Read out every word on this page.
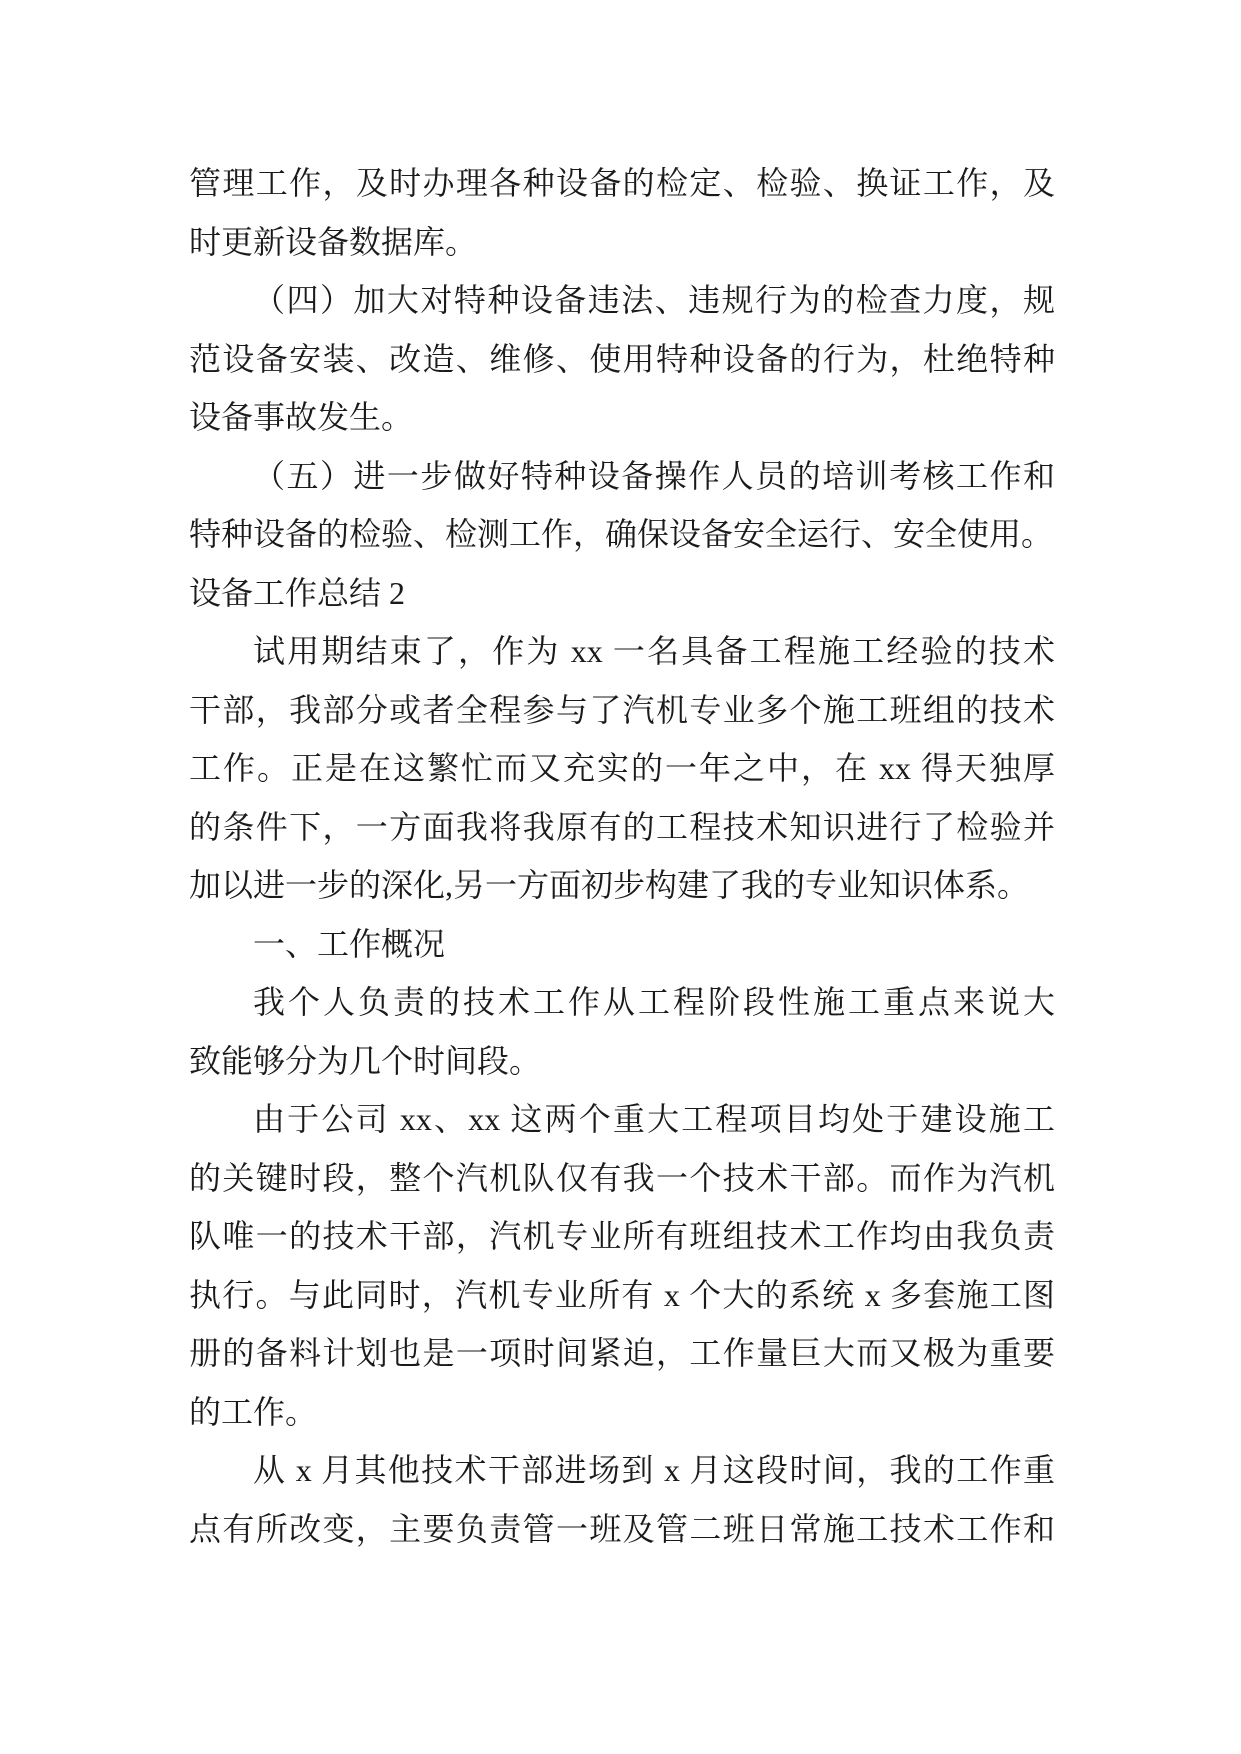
管理工作，及时办理各种设备的检定、检验、换证工作，及
时更新设备数据库。
（四）加大对特种设备违法、违规行为的检查力度，规
范设备安装、改造、维修、使用特种设备的行为，杜绝特种
设备事故发生。
（五）进一步做好特种设备操作人员的培训考核工作和
特种设备的检验、检测工作，确保设备安全运行、安全使用。
设备工作总结 2
试用期结束了，作为 xx 一名具备工程施工经验的技术
干部，我部分或者全程参与了汽机专业多个施工班组的技术
工作。正是在这繁忙而又充实的一年之中，在 xx 得天独厚
的条件下，一方面我将我原有的工程技术知识进行了检验并
加以进一步的深化,另一方面初步构建了我的专业知识体系。
一、工作概况
我个人负责的技术工作从工程阶段性施工重点来说大
致能够分为几个时间段。
由于公司 xx、xx 这两个重大工程项目均处于建设施工
的关键时段，整个汽机队仅有我一个技术干部。而作为汽机
队唯一的技术干部，汽机专业所有班组技术工作均由我负责
执行。与此同时，汽机专业所有 x 个大的系统 x 多套施工图
册的备料计划也是一项时间紧迫，工作量巨大而又极为重要
的工作。
从 x 月其他技术干部进场到 x 月这段时间，我的工作重
点有所改变，主要负责管一班及管二班日常施工技术工作和
